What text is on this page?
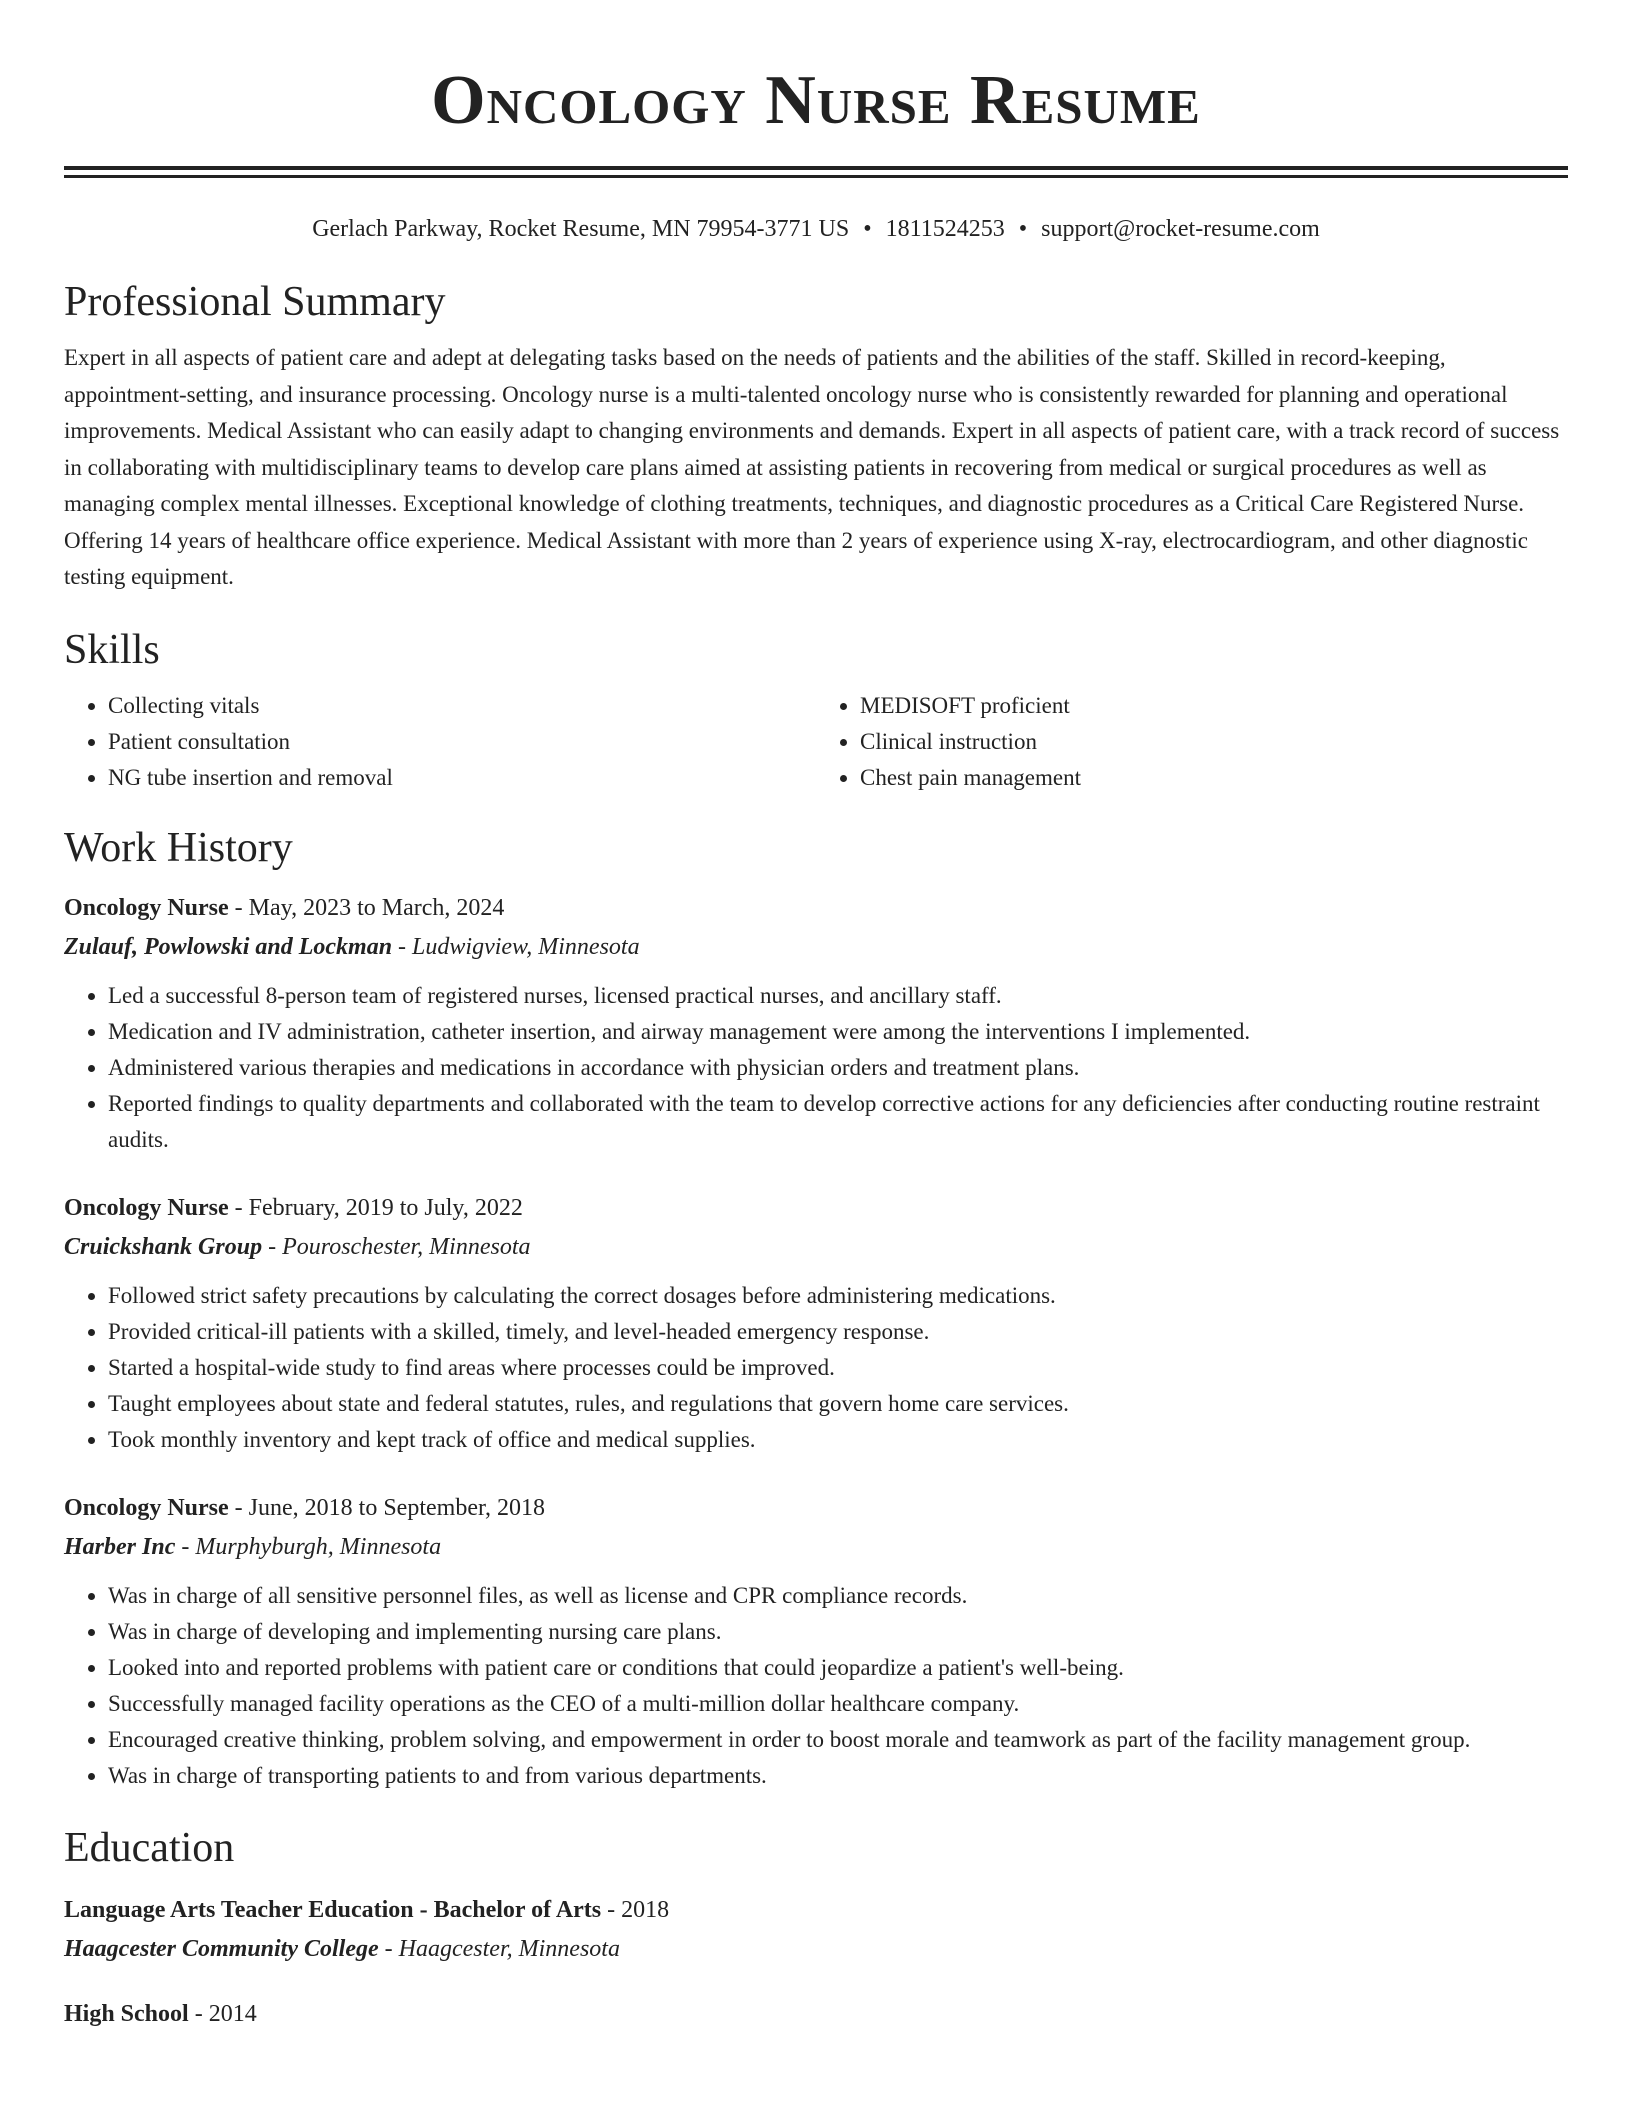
Oncology Nurse Resume
Gerlach Parkway, Rocket Resume, MN 79954-3771 US • 1811524253 • support@rocket-resume.com
Professional Summary

Expert in all aspects of patient care and adept at delegating tasks based on the needs of patients and the abilities of the staff. Skilled in record-keeping, appointment-setting, and insurance processing. Oncology nurse is a multi-talented oncology nurse who is consistently rewarded for planning and operational improvements. Medical Assistant who can easily adapt to changing environments and demands. Expert in all aspects of patient care, with a track record of success in collaborating with multidisciplinary teams to develop care plans aimed at assisting patients in recovering from medical or surgical procedures as well as managing complex mental illnesses. Exceptional knowledge of clothing treatments, techniques, and diagnostic procedures as a Critical Care Registered Nurse. Offering 14 years of healthcare office experience. Medical Assistant with more than 2 years of experience using X-ray, electrocardiogram, and other diagnostic testing equipment.

Skills
• Collecting vitals
• Patient consultation
• NG tube insertion and removal
• MEDISOFT proficient
• Clinical instruction
• Chest pain management
Work History
Oncology Nurse - May, 2023 to March, 2024
Zulauf, Powlowski and Lockman - Ludwigview, Minnesota
• Led a successful 8-person team of registered nurses, licensed practical nurses, and ancillary staff.
• Medication and IV administration, catheter insertion, and airway management were among the interventions I implemented.
• Administered various therapies and medications in accordance with physician orders and treatment plans.
• Reported findings to quality departments and collaborated with the team to develop corrective actions for any deficiencies after conducting routine restraint audits.
Oncology Nurse - February, 2019 to July, 2022
Cruickshank Group - Pouroschester, Minnesota
• Followed strict safety precautions by calculating the correct dosages before administering medications.
• Provided critical-ill patients with a skilled, timely, and level-headed emergency response.
• Started a hospital-wide study to find areas where processes could be improved.
• Taught employees about state and federal statutes, rules, and regulations that govern home care services.
• Took monthly inventory and kept track of office and medical supplies.
Oncology Nurse - June, 2018 to September, 2018
Harber Inc - Murphyburgh, Minnesota
• Was in charge of all sensitive personnel files, as well as license and CPR compliance records.
• Was in charge of developing and implementing nursing care plans.
• Looked into and reported problems with patient care or conditions that could jeopardize a patient's well-being.
• Successfully managed facility operations as the CEO of a multi-million dollar healthcare company.
• Encouraged creative thinking, problem solving, and empowerment in order to boost morale and teamwork as part of the facility management group.
• Was in charge of transporting patients to and from various departments.
Education
Language Arts Teacher Education - Bachelor of Arts - 2018
Haagcester Community College - Haagcester, Minnesota
High School - 2014
